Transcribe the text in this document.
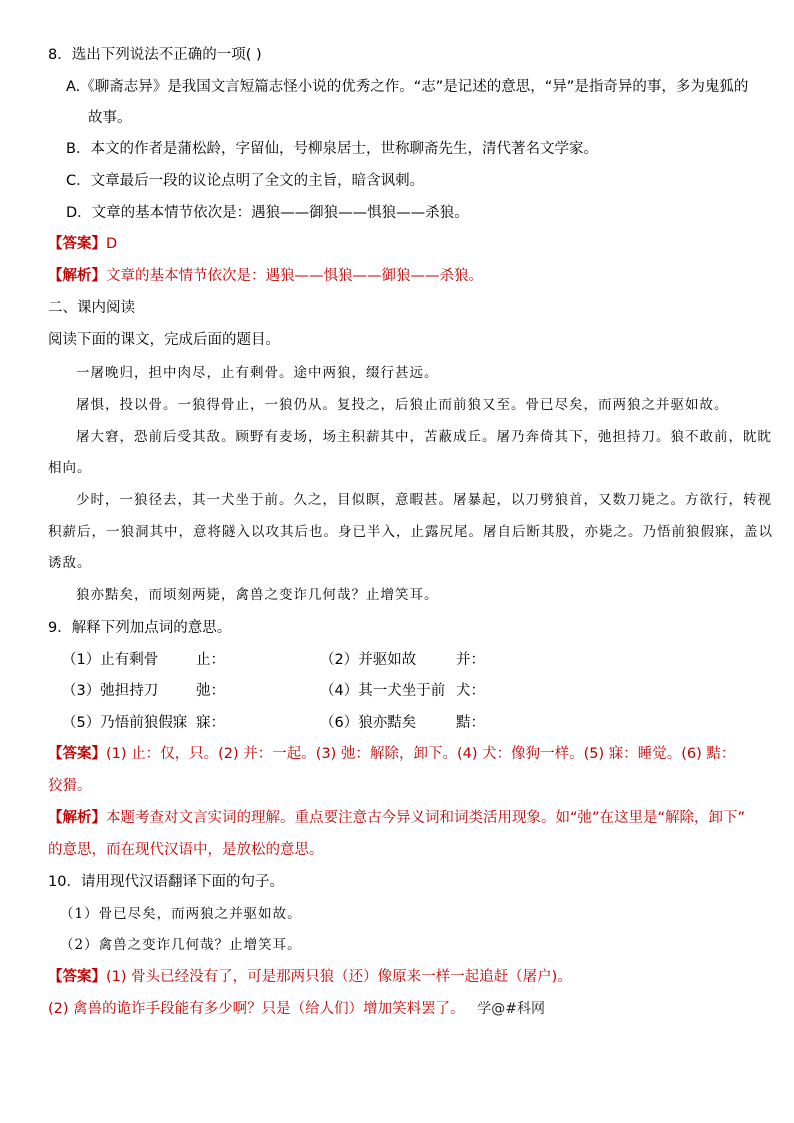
8．选出下列说法不正确的一项( )
A.《聊斋志异》是我国文言短篇志怪小说的优秀之作。“志”是记述的意思，“异”是指奇异的事，多为鬼狐的
故事。
B．本文的作者是蒲松龄，字留仙，号柳泉居士，世称聊斋先生，清代著名文学家。
C．文章最后一段的议论点明了全文的主旨，暗含讽刺。
D．文章的基本情节依次是：遇狼——御狼——惧狼——杀狼。
【答案】D
【解析】文章的基本情节依次是：遇狼——惧狼——御狼——杀狼。
二、课内阅读
阅读下面的课文，完成后面的题目。
一屠晚归，担中肉尽，止有剩骨。途中两狼，缀行甚远。
屠惧，投以骨。一狼得骨止，一狼仍从。复投之，后狼止而前狼又至。骨已尽矣，而两狼之并驱如故。
屠大窘，恐前后受其敌。顾野有麦场，场主积薪其中，苫蔽成丘。屠乃奔倚其下，弛担持刀。狼不敢前，眈眈
相向。
少时，一狼径去，其一犬坐于前。久之，目似瞑，意暇甚。屠暴起，以刀劈狼首，又数刀毙之。方欲行，转视
积薪后，一狼洞其中，意将隧入以攻其后也。身已半入，止露尻尾。屠自后断其股，亦毙之。乃悟前狼假寐，盖以
诱敌。
狼亦黠矣，而顷刻两毙，禽兽之变诈几何哉？止增笑耳。
9．解释下列加点词的意思。
（1）止有剩骨	止：	（2）并驱如故	并：
（3）弛担持刀	弛：	（4）其一犬坐于前 犬：
（5）乃悟前狼假寐 寐：	（6）狼亦黠矣	黠：
【答案】(1) 止：仅，只。(2) 并：一起。(3) 弛：解除，卸下。(4) 犬：像狗一样。(5) 寐：睡觉。(6) 黠：
狡猾。
【解析】本题考查对文言实词的理解。重点要注意古今异义词和词类活用现象。如“弛”在这里是“解除，卸下”
的意思，而在现代汉语中，是放松的意思。
10．请用现代汉语翻译下面的句子。
（1）骨已尽矣，而两狼之并驱如故。
（2）禽兽之变诈几何哉？止增笑耳。
【答案】(1) 骨头已经没有了，可是那两只狼（还）像原来一样一起追赶（屠户)。
(2) 禽兽的诡诈手段能有多少啊？只是（给人们）增加笑料罢了。 学@#科网
